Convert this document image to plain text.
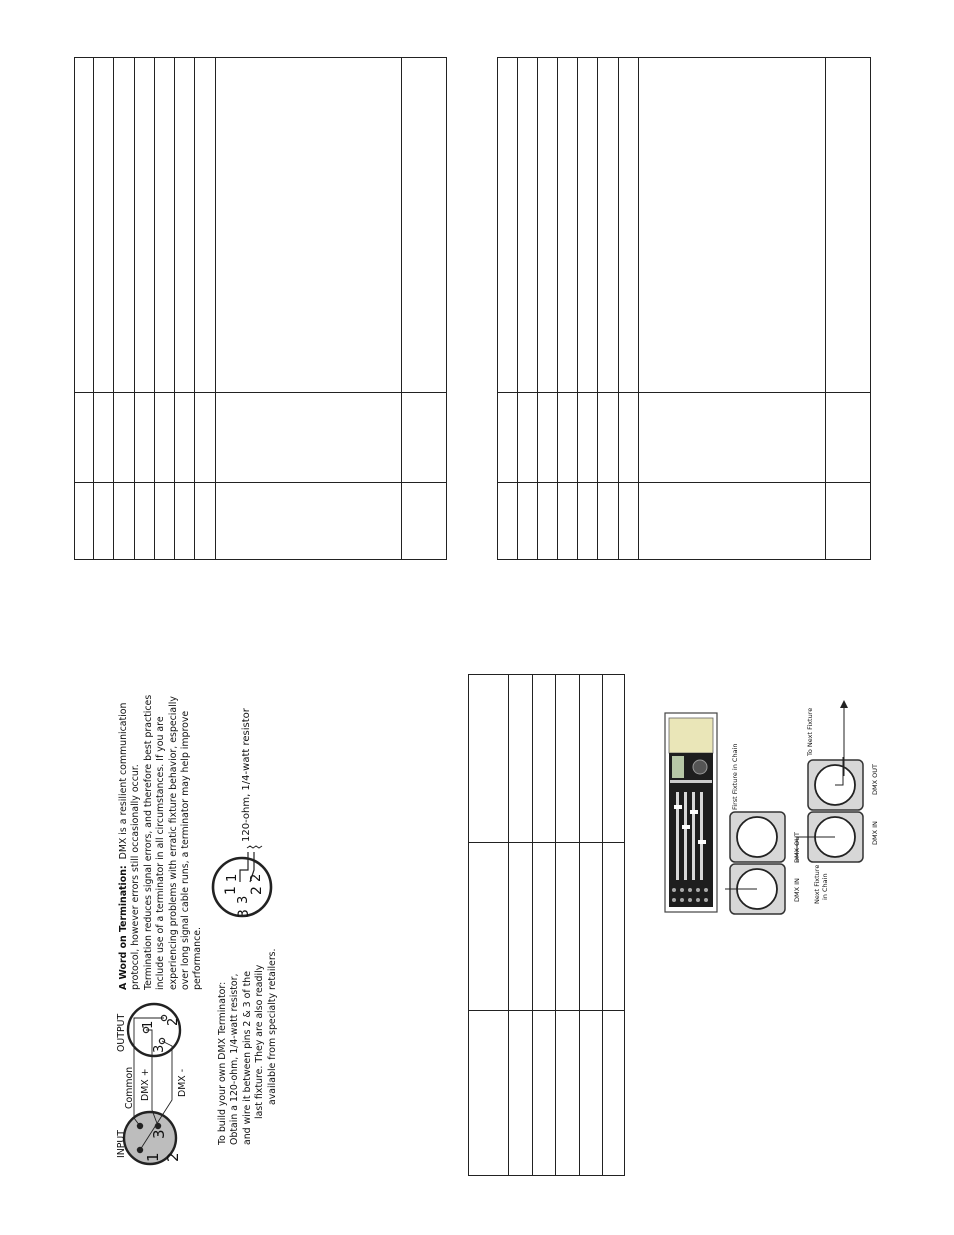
A Word on Termination:  DMX is a resilient communication protocol, however errors still occasionally occur. Termination reduces signal errors, and therefore best practices include use of a terminator in all circumstances. If you are experiencing problems with erratic fixture behavior, especially over long signal cable runs, a terminator may help improve performance.
1 2
3
1 2
3
INPUT
Common
OUTPUT
DMX +	DMX -	To build your own DMX Terminator: Obtain a 120-ohm, 1/4-watt resistor, and wire it between pins 2 & 3 of the last fixture. They are also readily available from specialty retailers.
1 2
3
1 2
3
120-ohm, 1/4-watt resistor	First Fixture in Chain
DMX OUT
DMX IN Next Fixture in Chain
DMX IN
DMX OUT
To Next Fixture
